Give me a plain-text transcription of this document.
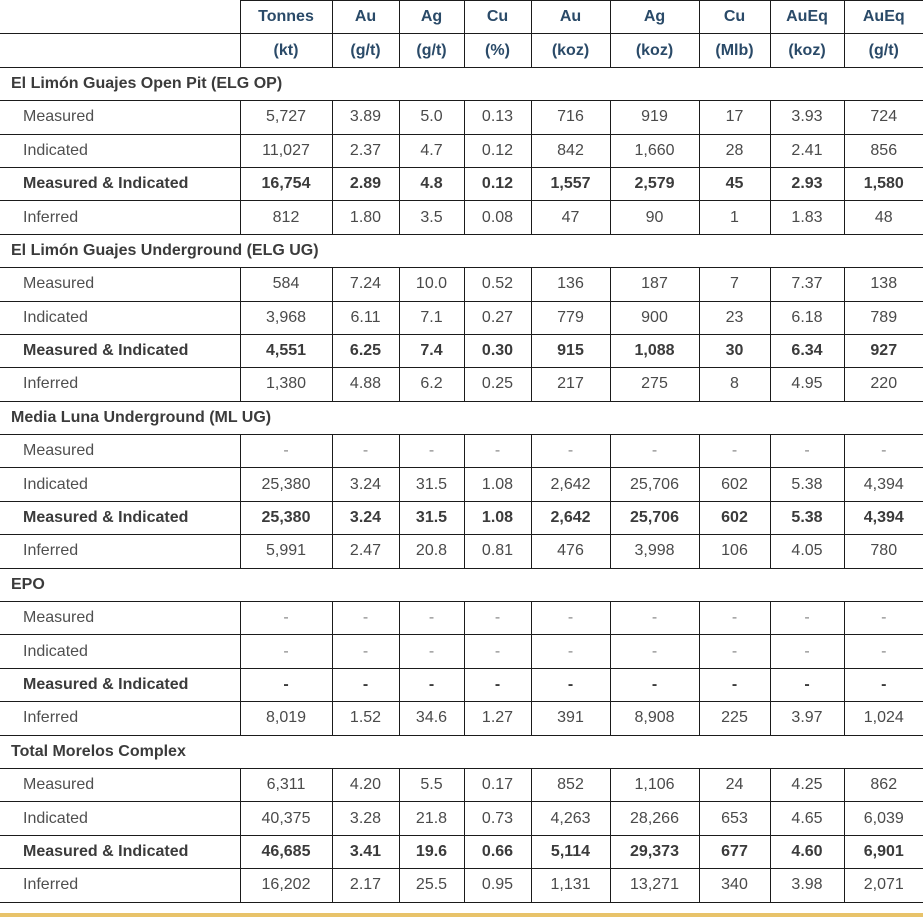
	Tonnes	Au	Ag	Cu	Au	Ag	Cu	AuEq	AuEq
	(kt)	(g/t)	(g/t)	(%)	(koz)	(koz)	(Mlb)	(koz)	(g/t)
El Limón Guajes Open Pit (ELG OP)									
Measured	5,727	3.89	5.0	0.13	716	919	17	3.93	724
Indicated	11,027	2.37	4.7	0.12	842	1,660	28	2.41	856
Measured & Indicated	16,754	2.89	4.8	0.12	1,557	2,579	45	2.93	1,580
Inferred	812	1.80	3.5	0.08	47	90	1	1.83	48
El Limón Guajes Underground (ELG UG)									
Measured	584	7.24	10.0	0.52	136	187	7	7.37	138
Indicated	3,968	6.11	7.1	0.27	779	900	23	6.18	789
Measured & Indicated	4,551	6.25	7.4	0.30	915	1,088	30	6.34	927
Inferred	1,380	4.88	6.2	0.25	217	275	8	4.95	220
Media Luna Underground (ML UG)									
Measured	-	-	-	-	-	-	-	-	-
Indicated	25,380	3.24	31.5	1.08	2,642	25,706	602	5.38	4,394
Measured & Indicated	25,380	3.24	31.5	1.08	2,642	25,706	602	5.38	4,394
Inferred	5,991	2.47	20.8	0.81	476	3,998	106	4.05	780
EPO									
Measured	-	-	-	-	-	-	-	-	-
Indicated	-	-	-	-	-	-	-	-	-
Measured & Indicated	-	-	-	-	-	-	-	-	-
Inferred	8,019	1.52	34.6	1.27	391	8,908	225	3.97	1,024
Total Morelos Complex									
Measured	6,311	4.20	5.5	0.17	852	1,106	24	4.25	862
Indicated	40,375	3.28	21.8	0.73	4,263	28,266	653	4.65	6,039
Measured & Indicated	46,685	3.41	19.6	0.66	5,114	29,373	677	4.60	6,901
Inferred	16,202	2.17	25.5	0.95	1,131	13,271	340	3.98	2,071
